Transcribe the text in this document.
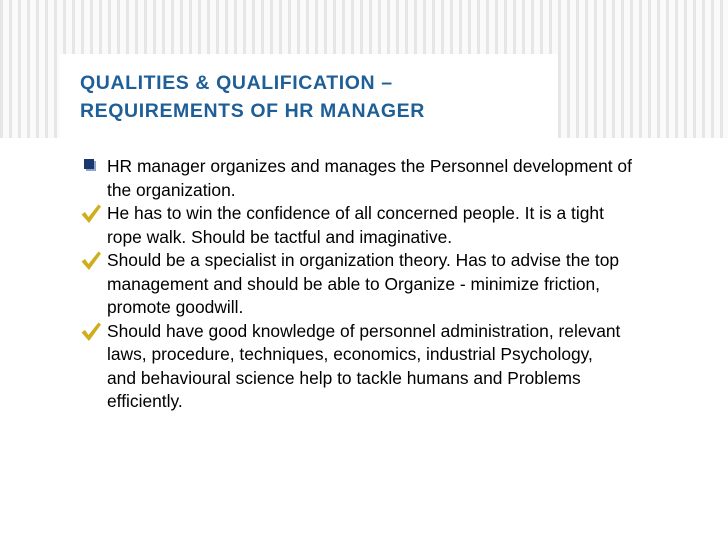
QUALITIES & QUALIFICATION –
REQUIREMENTS OF HR MANAGER
HR manager organizes and manages the Personnel development of
the organization.
He has to win the confidence of all concerned people. It is a tight
rope walk. Should be tactful and imaginative.
Should be a specialist in organization theory. Has to advise the top
management and should be able to Organize - minimize friction,
promote goodwill.
Should have good knowledge of personnel administration, relevant
laws, procedure, techniques, economics, industrial Psychology,
and behavioural science help to tackle humans and Problems
efficiently.
